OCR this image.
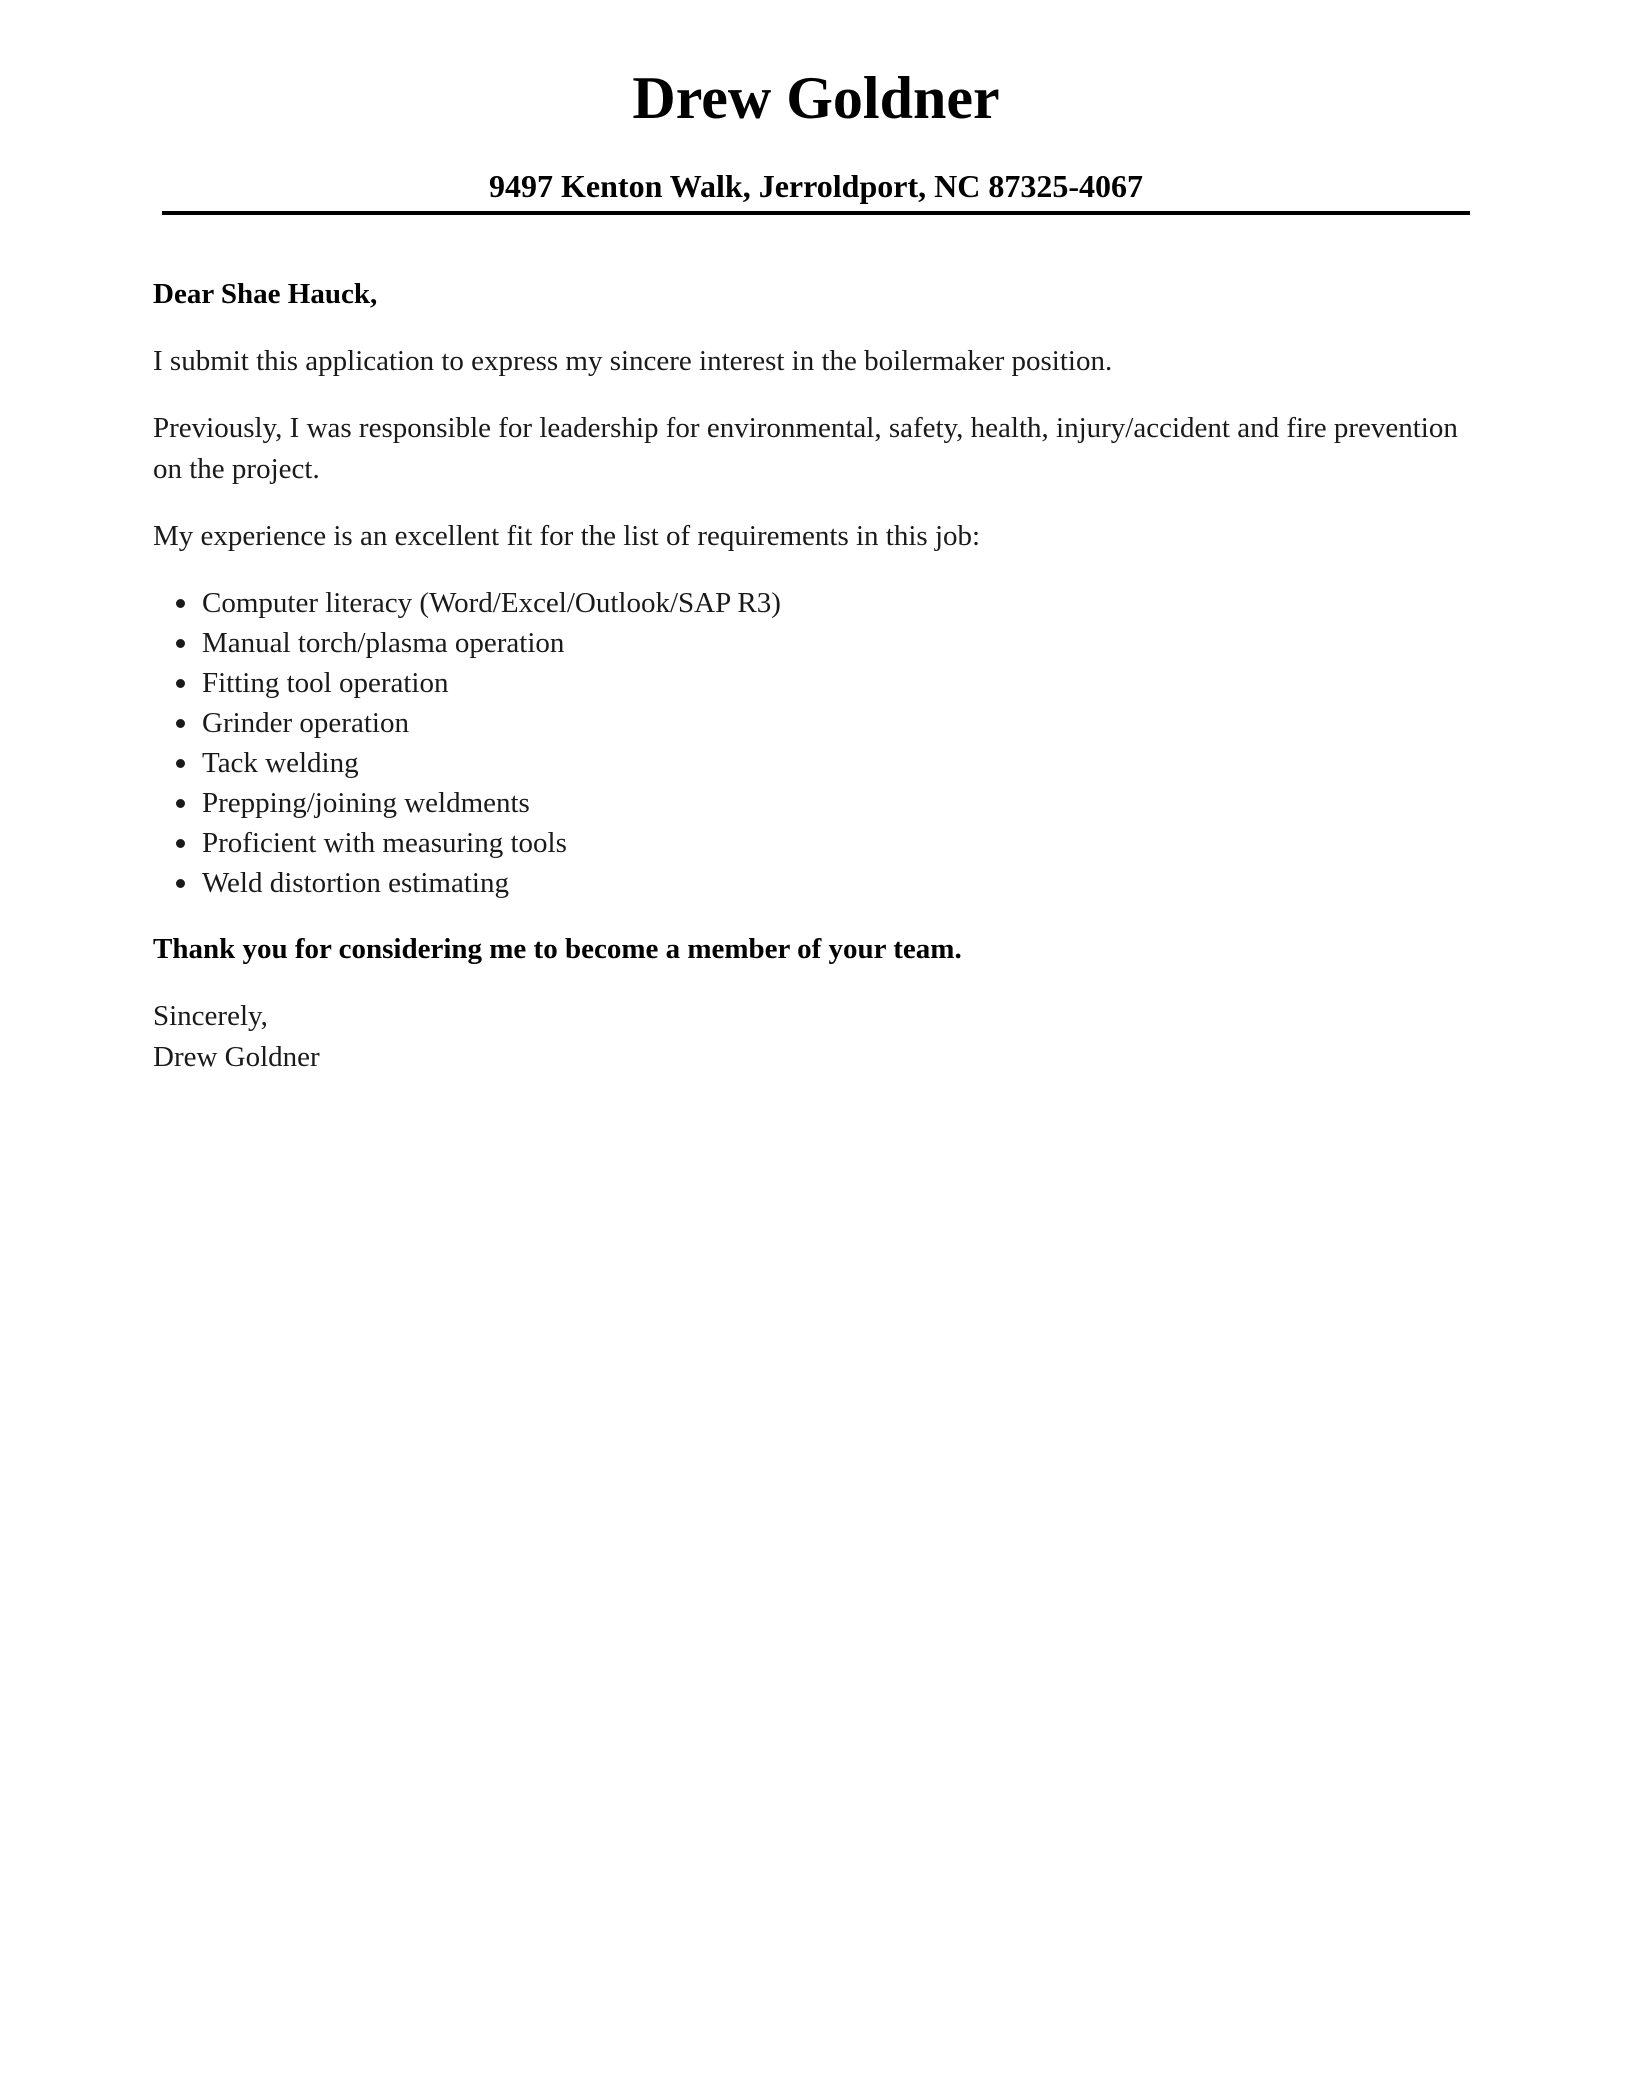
Drew Goldner
9497 Kenton Walk, Jerroldport, NC 87325-4067

Dear Shae Hauck,

I submit this application to express my sincere interest in the boilermaker position.

Previously, I was responsible for leadership for environmental, safety, health, injury/accident and fire prevention on the project.

My experience is an excellent fit for the list of requirements in this job:

Computer literacy (Word/Excel/Outlook/SAP R3)
Manual torch/plasma operation
Fitting tool operation
Grinder operation
Tack welding
Prepping/joining weldments
Proficient with measuring tools
Weld distortion estimating

Thank you for considering me to become a member of your team.

Sincerely,
Drew Goldner
